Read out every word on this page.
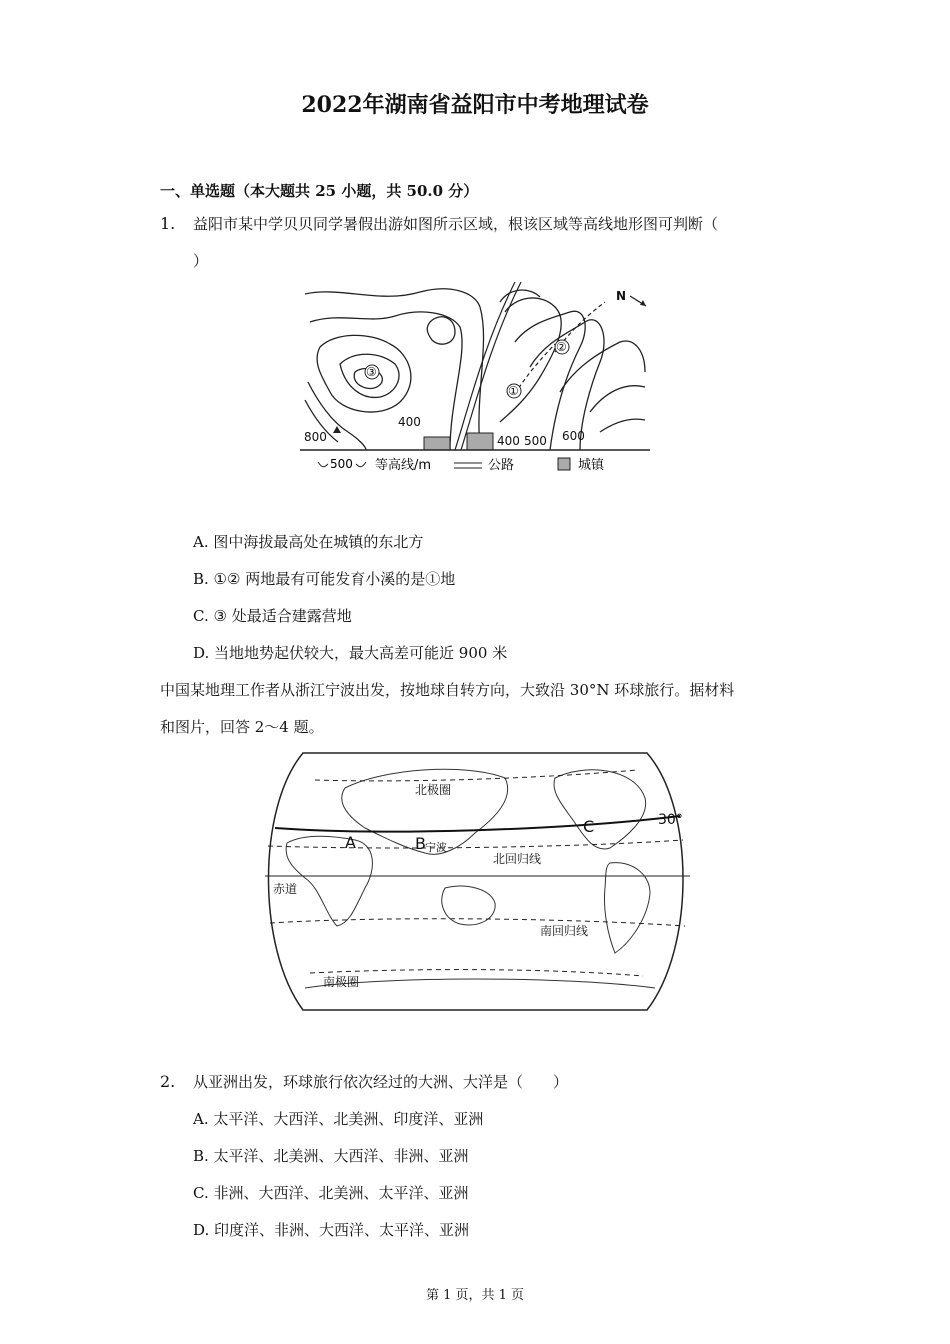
2022年湖南省益阳市中考地理试卷
一、单选题（本大题共 25 小题，共 50.0 分）
1. 益阳市某中学贝贝同学暑假出游如图所示区域，根该区域等高线地形图可判断（
）
①
②
③
400
800	400 500 600
N
500 等高线/m	公路	城镇
A. 图中海拔最高处在城镇的东北方
B. ①② 两地最有可能发育小溪的是①地
C. ③ 处最适合建露营地
D. 当地地势起伏较大，最大高差可能近 900 米
中国某地理工作者从浙江宁波出发，按地球自转方向，大致沿 30°N 环球旅行。据材料
和图片，回答 2～4 题。
北极圈
30°
A	B
C
宁波
北回归线
赤道
南回归线
南极圈
2. 从亚洲出发，环球旅行依次经过的大洲、大洋是（　　）
A. 太平洋、大西洋、北美洲、印度洋、亚洲
B. 太平洋、北美洲、大西洋、非洲、亚洲
C. 非洲、大西洋、北美洲、太平洋、亚洲
D. 印度洋、非洲、大西洋、太平洋、亚洲
第 1 页，共 1 页
